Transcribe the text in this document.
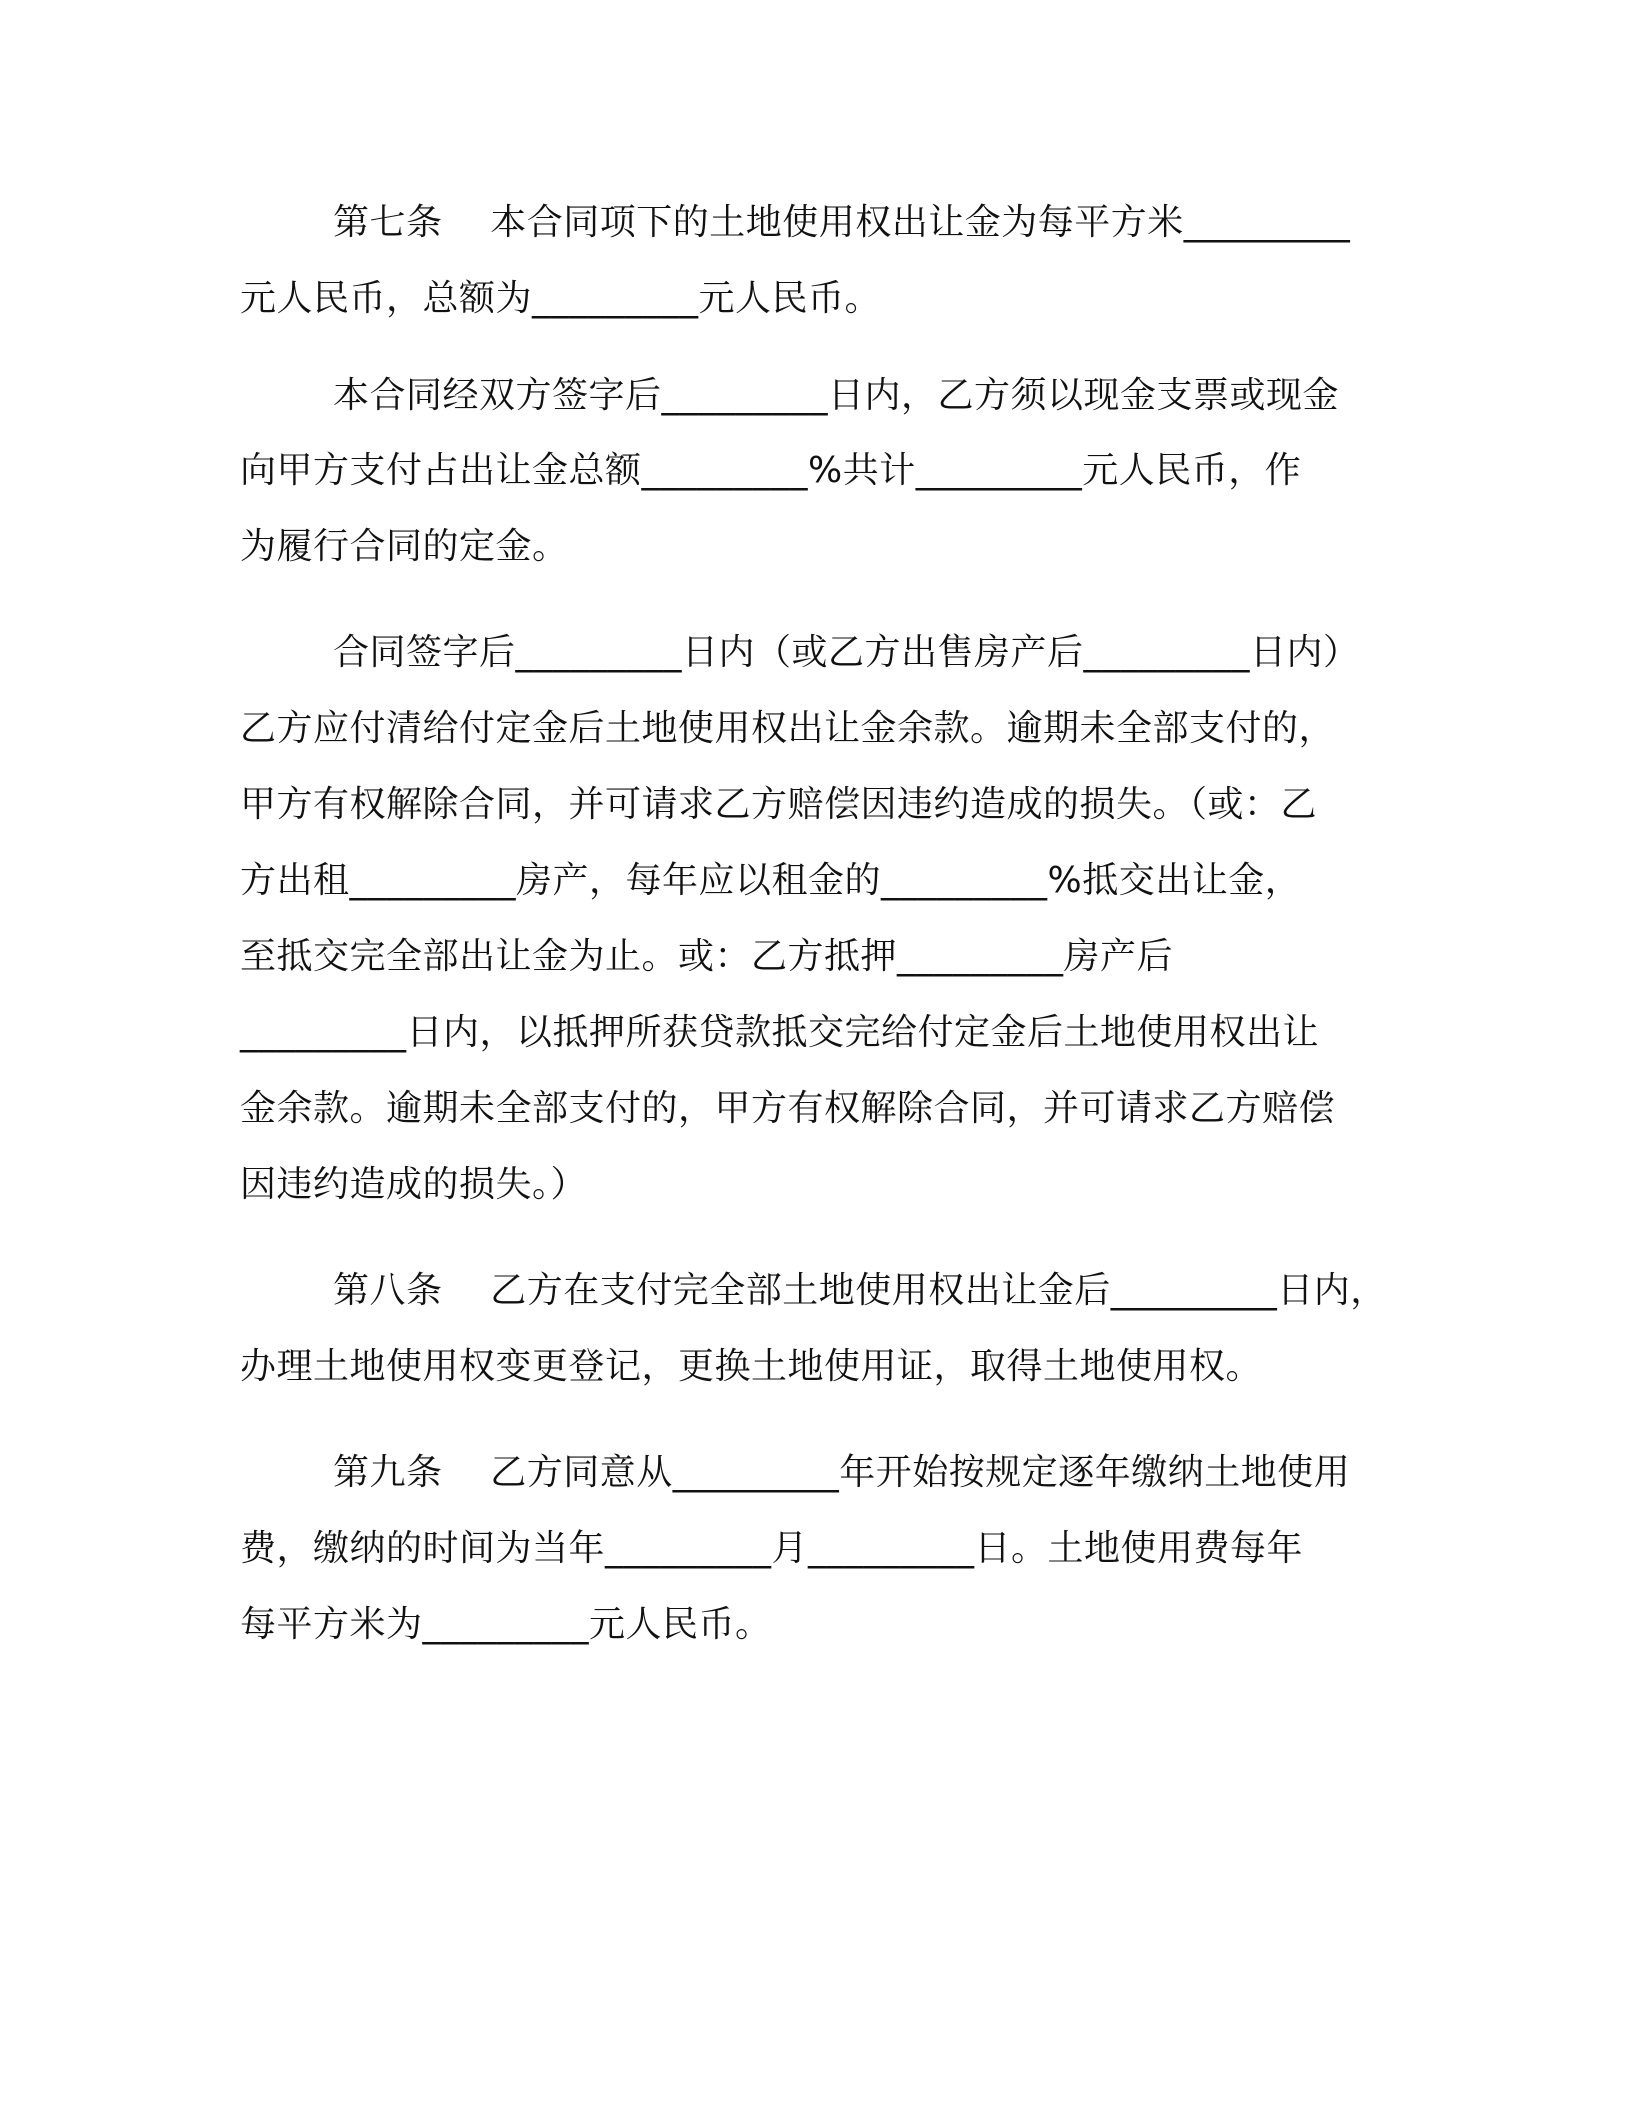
第七条    本合同项下的土地使用权出让金为每平方米_________
元人民币，总额为_________元人民币。
本合同经双方签字后_________日内，乙方须以现金支票或现金
向甲方支付占出让金总额_________%共计_________元人民币，作
为履行合同的定金。
合同签字后_________日内（或乙方出售房产后_________日内）
乙方应付清给付定金后土地使用权出让金余款。逾期未全部支付的，
甲方有权解除合同，并可请求乙方赔偿因违约造成的损失。（或：乙
方出租_________房产，每年应以租金的_________%抵交出让金，
至抵交完全部出让金为止。或：乙方抵押_________房产后
_________日内，以抵押所获贷款抵交完给付定金后土地使用权出让
金余款。逾期未全部支付的，甲方有权解除合同，并可请求乙方赔偿
因违约造成的损失。）
第八条    乙方在支付完全部土地使用权出让金后_________日内，
办理土地使用权变更登记，更换土地使用证，取得土地使用权。
第九条    乙方同意从_________年开始按规定逐年缴纳土地使用
费，缴纳的时间为当年_________月_________日。土地使用费每年
每平方米为_________元人民币。
